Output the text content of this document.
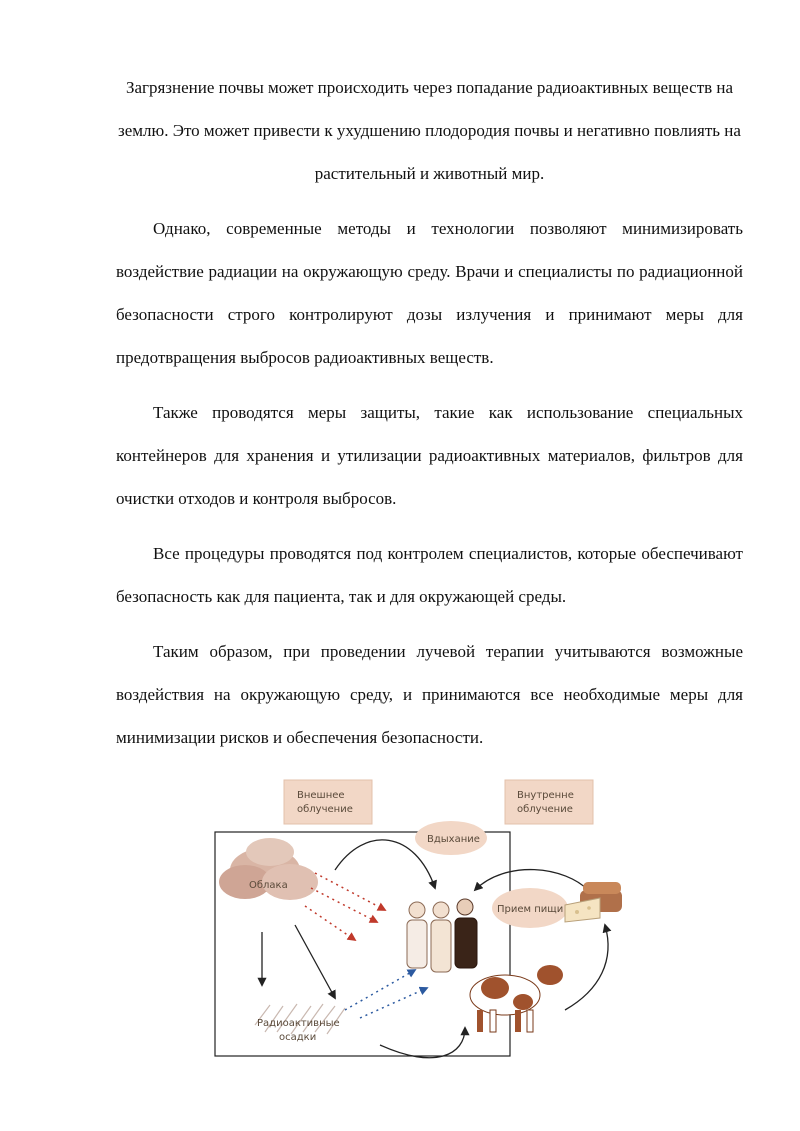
Загрязнение почвы может происходить через попадание радиоактивных веществ на землю. Это может привести к ухудшению плодородия почвы и негативно повлиять на растительный и животный мир.

Однако, современные методы и технологии позволяют минимизировать воздействие радиации на окружающую среду. Врачи и специалисты по радиационной безопасности строго контролируют дозы излучения и принимают меры для предотвращения выбросов радиоактивных веществ.

Также проводятся меры защиты, такие как использование специальных контейнеров для хранения и утилизации радиоактивных материалов, фильтров для очистки отходов и контроля выбросов.

Все процедуры проводятся под контролем специалистов, которые обеспечивают безопасность как для пациента, так и для окружающей среды.

Таким образом, при проведении лучевой терапии учитываются возможные воздействия на окружающую среду, и принимаются все необходимые меры для минимизации рисков и обеспечения безопасности.

Внешнее
облучение
Внутренне
облучение
Вдыхание
Прием пищи
Облака
Радиоактивные
осадки
